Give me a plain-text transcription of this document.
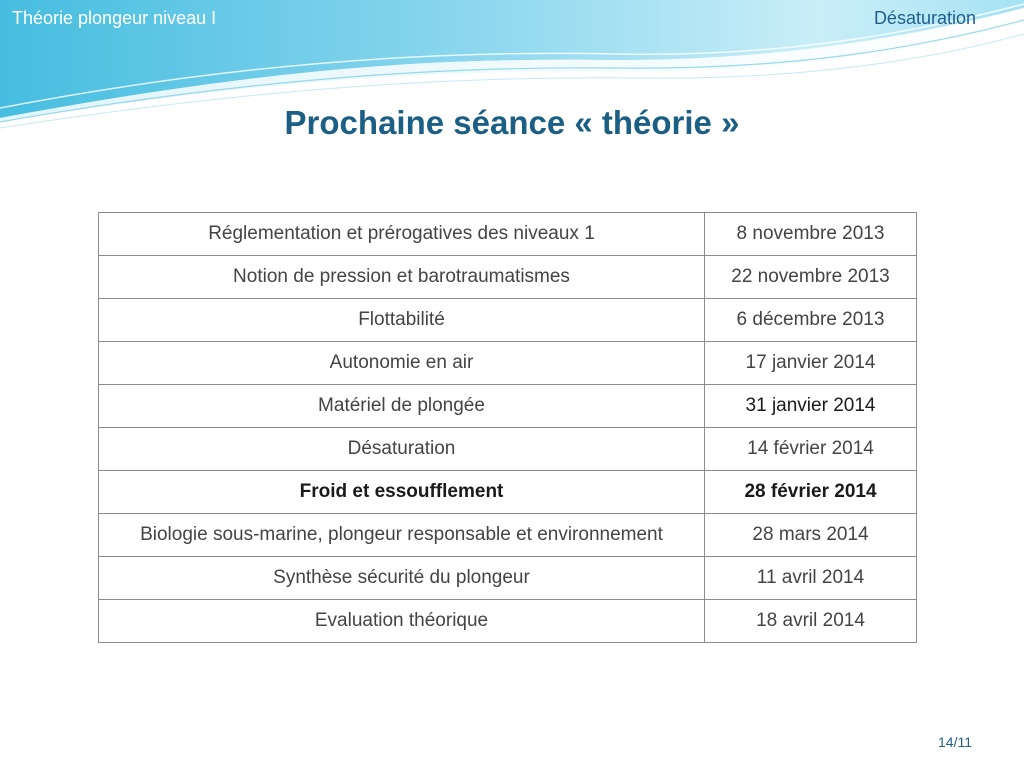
Théorie plongeur niveau I	Désaturation
Prochaine séance « théorie »
Réglementation et prérogatives des niveaux 1	8 novembre 2013
Notion de pression et barotraumatismes	22 novembre 2013
Flottabilité	6 décembre 2013
Autonomie en air	17 janvier 2014
Matériel de plongée	31 janvier 2014
Désaturation	14 février 2014
Froid et essoufflement	28 février 2014
Biologie sous-marine, plongeur responsable et environnement	28 mars 2014
Synthèse sécurité du plongeur	11 avril 2014
Evaluation théorique	18 avril 2014
14/11
